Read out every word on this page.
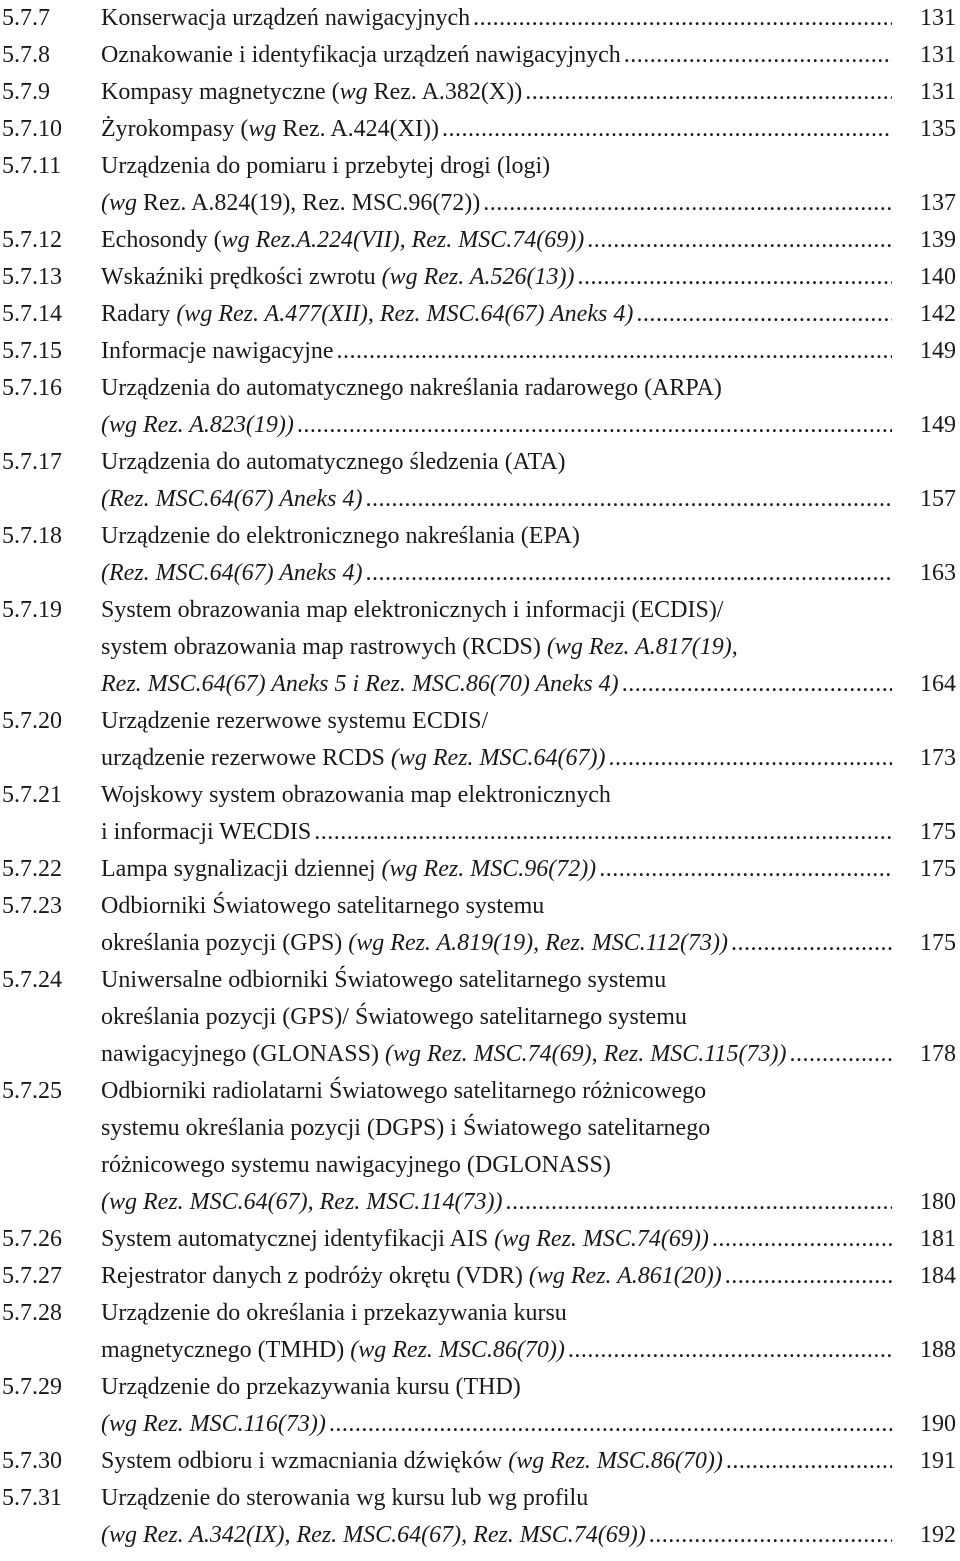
5.7.7 Konserwacja urządzeń nawigacyjnych .....	131
5.7.8 Oznakowanie i identyfikacja urządzeń nawigacyjnych .....	131
5.7.9 Kompasy magnetyczne (wg Rez. A.382(X)) .....	131
5.7.10 Żyrokompasy (wg Rez. A.424(XI)) .....	135
5.7.11 Urządzenia do pomiaru i przebytej drogi (logi)
(wg Rez. A.824(19), Rez. MSC.96(72)) .....	137
5.7.12 Echosondy (wg Rez.A.224(VII), Rez. MSC.74(69)) .....	139
5.7.13 Wskaźniki prędkości zwrotu (wg Rez. A.526(13)) .....	140
5.7.14 Radary (wg Rez. A.477(XII), Rez. MSC.64(67) Aneks 4) .....	142
5.7.15 Informacje nawigacyjne .....	149
5.7.16 Urządzenia do automatycznego nakreślania radarowego (ARPA)
(wg Rez. A.823(19)) .....	149
5.7.17 Urządzenia do automatycznego śledzenia (ATA)
(Rez. MSC.64(67) Aneks 4) .....	157
5.7.18 Urządzenie do elektronicznego nakreślania (EPA)
(Rez. MSC.64(67) Aneks 4) .....	163
5.7.19 System obrazowania map elektronicznych i informacji (ECDIS)/
system obrazowania map rastrowych (RCDS) (wg Rez. A.817(19),
Rez. MSC.64(67) Aneks 5 i Rez. MSC.86(70) Aneks 4) .....	164
5.7.20 Urządzenie rezerwowe systemu ECDIS/
urządzenie rezerwowe RCDS (wg Rez. MSC.64(67)) .....	173
5.7.21 Wojskowy system obrazowania map elektronicznych
i informacji WECDIS .....	175
5.7.22 Lampa sygnalizacji dziennej (wg Rez. MSC.96(72)) .....	175
5.7.23 Odbiorniki Światowego satelitarnego systemu
określania pozycji (GPS) (wg Rez. A.819(19), Rez. MSC.112(73)) .....	175
5.7.24 Uniwersalne odbiorniki Światowego satelitarnego systemu
określania pozycji (GPS)/ Światowego satelitarnego systemu
nawigacyjnego (GLONASS) (wg Rez. MSC.74(69), Rez. MSC.115(73)) .....	178
5.7.25 Odbiorniki radiolatarni Światowego satelitarnego różnicowego
systemu określania pozycji (DGPS) i Światowego satelitarnego
różnicowego systemu nawigacyjnego (DGLONASS)
(wg Rez. MSC.64(67), Rez. MSC.114(73)) .....	180
5.7.26 System automatycznej identyfikacji AIS (wg Rez. MSC.74(69)) .....	181
5.7.27 Rejestrator danych z podróży okrętu (VDR) (wg Rez. A.861(20)) .....	184
5.7.28 Urządzenie do określania i przekazywania kursu
magnetycznego (TMHD) (wg Rez. MSC.86(70)) .....	188
5.7.29 Urządzenie do przekazywania kursu (THD)
(wg Rez. MSC.116(73)) .....	190
5.7.30 System odbioru i wzmacniania dźwięków (wg Rez. MSC.86(70)) .....	191
5.7.31 Urządzenie do sterowania wg kursu lub wg profilu
(wg Rez. A.342(IX), Rez. MSC.64(67), Rez. MSC.74(69)) .....	192
